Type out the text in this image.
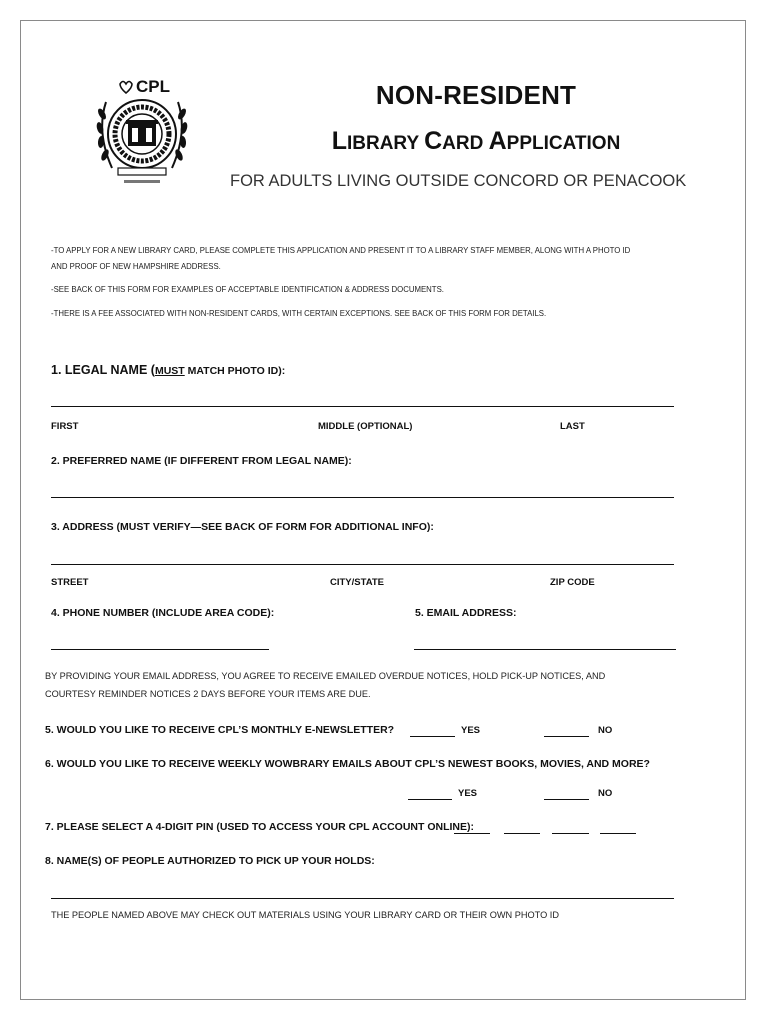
CPL	NON-RESIDENT
LIBRARY CARD APPLICATION
FOR ADULTS LIVING OUTSIDE CONCORD OR PENACOOK
-TO APPLY FOR A NEW LIBRARY CARD, PLEASE COMPLETE THIS APPLICATION AND PRESENT IT TO A LIBRARY STAFF MEMBER, ALONG WITH A PHOTO ID
AND PROOF OF NEW HAMPSHIRE ADDRESS.
-SEE BACK OF THIS FORM FOR EXAMPLES OF ACCEPTABLE IDENTIFICATION & ADDRESS DOCUMENTS.
-THERE IS A FEE ASSOCIATED WITH NON-RESIDENT CARDS, WITH CERTAIN EXCEPTIONS. SEE BACK OF THIS FORM FOR DETAILS.
1. LEGAL NAME (MUST MATCH PHOTO ID):
FIRST	MIDDLE (OPTIONAL)	LAST
2. PREFERRED NAME (IF DIFFERENT FROM LEGAL NAME):
3. ADDRESS (MUST VERIFY—SEE BACK OF FORM FOR ADDITIONAL INFO):
STREET	CITY/STATE	ZIP CODE
4. PHONE NUMBER (INCLUDE AREA CODE):	5. EMAIL ADDRESS:
BY PROVIDING YOUR EMAIL ADDRESS, YOU AGREE TO RECEIVE EMAILED OVERDUE NOTICES, HOLD PICK-UP NOTICES, AND
COURTESY REMINDER NOTICES 2 DAYS BEFORE YOUR ITEMS ARE DUE.
5. WOULD YOU LIKE TO RECEIVE CPL’S MONTHLY E-NEWSLETTER?	YES	NO
6. WOULD YOU LIKE TO RECEIVE WEEKLY WOWBRARY EMAILS ABOUT CPL’S NEWEST BOOKS, MOVIES, AND MORE?
YES	NO
7. PLEASE SELECT A 4-DIGIT PIN (USED TO ACCESS YOUR CPL ACCOUNT ONLINE):
8. NAME(S) OF PEOPLE AUTHORIZED TO PICK UP YOUR HOLDS:
THE PEOPLE NAMED ABOVE MAY CHECK OUT MATERIALS USING YOUR LIBRARY CARD OR THEIR OWN PHOTO ID
